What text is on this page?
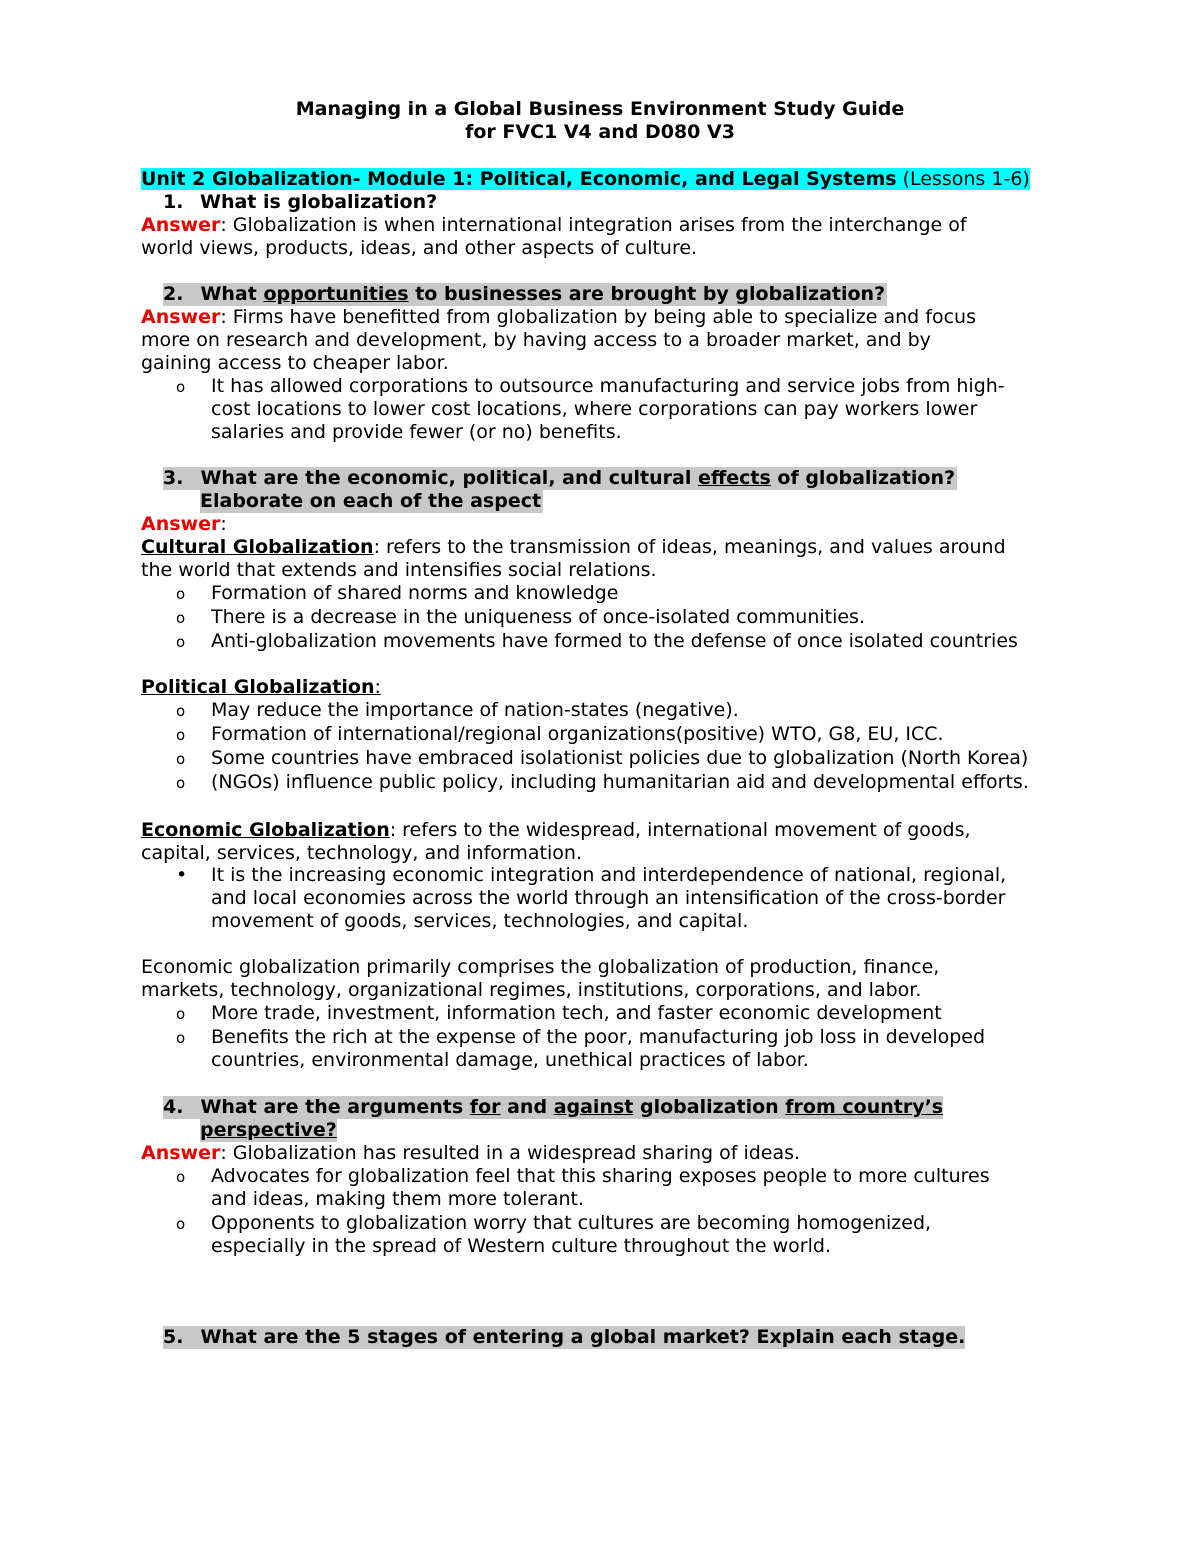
Managing in a Global Business Environment Study Guide
for FVC1 V4 and D080 V3
Unit 2 Globalization- Module 1: Political, Economic, and Legal Systems (Lessons 1-6)
1. What is globalization?
Answer: Globalization is when international integration arises from the interchange of
world views, products, ideas, and other aspects of culture.
2. What opportunities to businesses are brought by globalization?
Answer: Firms have benefitted from globalization by being able to specialize and focus
more on research and development, by having access to a broader market, and by
gaining access to cheaper labor.
o It has allowed corporations to outsource manufacturing and service jobs from high-
cost locations to lower cost locations, where corporations can pay workers lower
salaries and provide fewer (or no) benefits.
3. What are the economic, political, and cultural effects of globalization?
Elaborate on each of the aspect
Answer:
Cultural Globalization: refers to the transmission of ideas, meanings, and values around
the world that extends and intensifies social relations.
o Formation of shared norms and knowledge
o There is a decrease in the uniqueness of once-isolated communities.
o Anti-globalization movements have formed to the defense of once isolated countries
Political Globalization:
o May reduce the importance of nation-states (negative).
o Formation of international/regional organizations(positive) WTO, G8, EU, ICC.
o Some countries have embraced isolationist policies due to globalization (North Korea)
o (NGOs) influence public policy, including humanitarian aid and developmental efforts.
Economic Globalization: refers to the widespread, international movement of goods,
capital, services, technology, and information.
• It is the increasing economic integration and interdependence of national, regional,
and local economies across the world through an intensification of the cross-border
movement of goods, services, technologies, and capital.
Economic globalization primarily comprises the globalization of production, finance,
markets, technology, organizational regimes, institutions, corporations, and labor.
o More trade, investment, information tech, and faster economic development
o Benefits the rich at the expense of the poor, manufacturing job loss in developed
countries, environmental damage, unethical practices of labor.
4. What are the arguments for and against globalization from country’s
perspective?
Answer: Globalization has resulted in a widespread sharing of ideas.
o Advocates for globalization feel that this sharing exposes people to more cultures
and ideas, making them more tolerant.
o Opponents to globalization worry that cultures are becoming homogenized,
especially in the spread of Western culture throughout the world.
5. What are the 5 stages of entering a global market? Explain each stage.
